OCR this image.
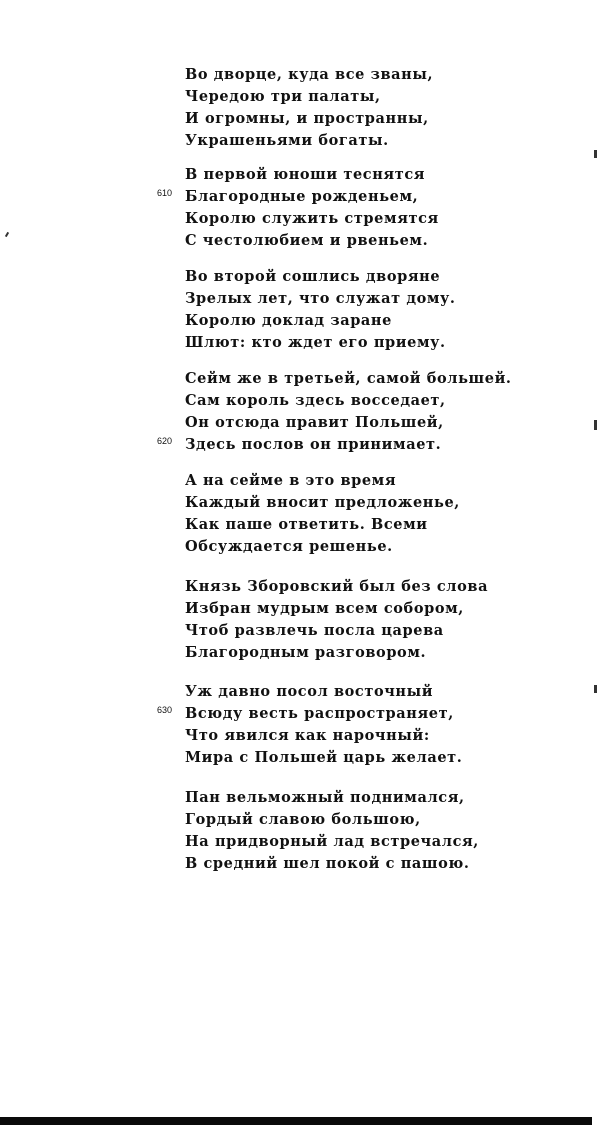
Во дворце, куда все званы,
Чередою три палаты,
И огромны, и пространны,
Украшеньями богаты.
В первой юноши теснятся
Благородные рожденьем,
610
Королю служить стремятся
С честолюбием и рвеньем.
Во второй сошлись дворяне
Зрелых лет, что служат дому.
Королю доклад заране
Шлют: кто ждет его приему.
Сейм же в третьей, самой большей.
Сам король здесь восседает,
Он отсюда правит Польшей,
Здесь послов он принимает.
620
А на сейме в это время
Каждый вносит предложенье,
Как паше ответить. Всеми
Обсуждается решенье.
Князь Зборовский был без слова
Избран мудрым всем собором,
Чтоб развлечь посла царева
Благородным разговором.
Уж давно посол восточный
Всюду весть распространяет,
630
Что явился как нарочный:
Мира с Польшей царь желает.
Пан вельможный поднимался,
Гордый славою большою,
На придворный лад встречался,
В средний шел покой с пашою.
